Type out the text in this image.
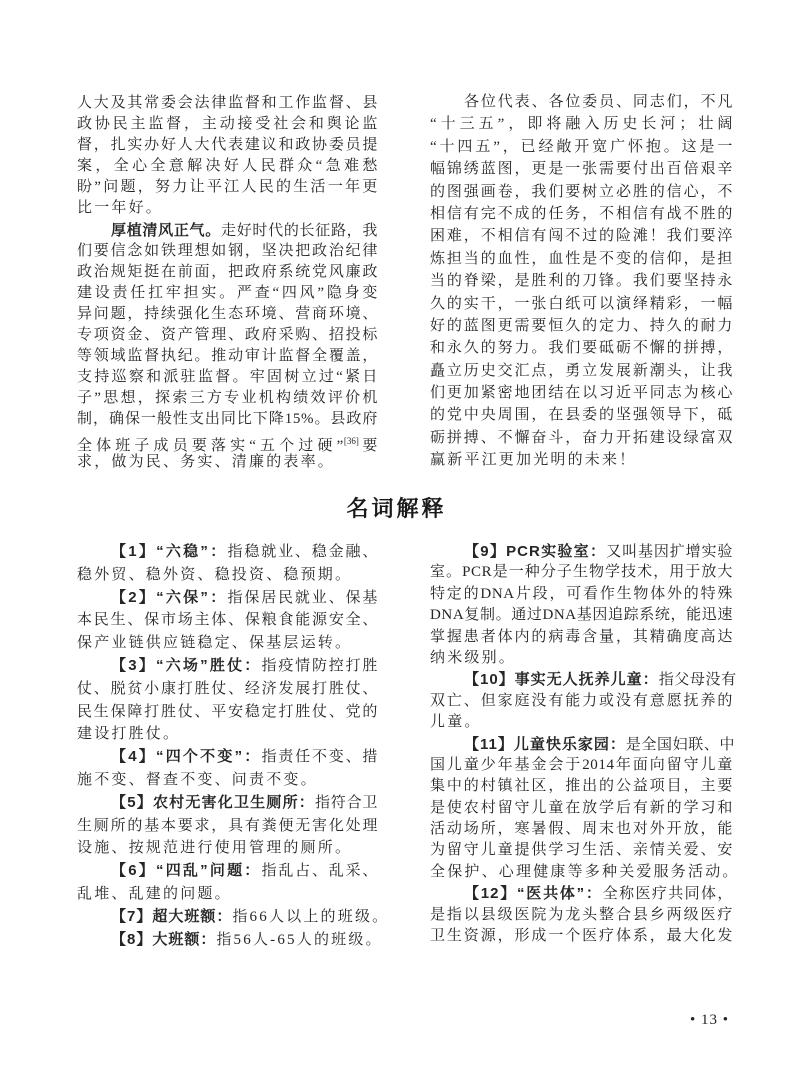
人大及其常委会法律监督和工作监督、县
政协民主监督，主动接受社会和舆论监
督，扎实办好人大代表建议和政协委员提
案，全心全意解决好人民群众“急难愁
盼”问题，努力让平江人民的生活一年更
比一年好。
厚植清风正气。走好时代的长征路，我
们要信念如铁理想如钢，坚决把政治纪律
政治规矩挺在前面，把政府系统党风廉政
建设责任扛牢担实。严查“四风”隐身变
异问题，持续强化生态环境、营商环境、
专项资金、资产管理、政府采购、招投标
等领域监督执纪。推动审计监督全覆盖，
支持巡察和派驻监督。牢固树立过“紧日
子”思想，探索三方专业机构绩效评价机
制，确保一般性支出同比下降15%。县政府
全体班子成员要落实“五个过硬”[36]要
求，做为民、务实、清廉的表率。
各位代表、各位委员、同志们，不凡
“十三五”，即将融入历史长河；壮阔
“十四五”，已经敞开宽广怀抱。这是一
幅锦绣蓝图，更是一张需要付出百倍艰辛
的图强画卷，我们要树立必胜的信心，不
相信有完不成的任务，不相信有战不胜的
困难，不相信有闯不过的险滩！我们要淬
炼担当的血性，血性是不变的信仰，是担
当的脊梁，是胜利的刀锋。我们要坚持永
久的实干，一张白纸可以演绎精彩，一幅
好的蓝图更需要恒久的定力、持久的耐力
和永久的努力。我们要砥砺不懈的拼搏，
矗立历史交汇点，勇立发展新潮头，让我
们更加紧密地团结在以习近平同志为核心
的党中央周围，在县委的坚强领导下，砥
砺拼搏、不懈奋斗，奋力开拓建设绿富双
赢新平江更加光明的未来！
名词解释
【1】“六稳”：指稳就业、稳金融、
稳外贸、稳外资、稳投资、稳预期。
【2】“六保”：指保居民就业、保基
本民生、保市场主体、保粮食能源安全、
保产业链供应链稳定、保基层运转。
【3】“六场”胜仗：指疫情防控打胜
仗、脱贫小康打胜仗、经济发展打胜仗、
民生保障打胜仗、平安稳定打胜仗、党的
建设打胜仗。
【4】“四个不变”：指责任不变、措
施不变、督查不变、问责不变。
【5】农村无害化卫生厕所：指符合卫
生厕所的基本要求，具有粪便无害化处理
设施、按规范进行使用管理的厕所。
【6】“四乱”问题：指乱占、乱采、
乱堆、乱建的问题。
【7】超大班额：指66人以上的班级。
【8】大班额：指56人-65人的班级。
【9】PCR实验室：又叫基因扩增实验
室。PCR是一种分子生物学技术，用于放大
特定的DNA片段，可看作生物体外的特殊
DNA复制。通过DNA基因追踪系统，能迅速
掌握患者体内的病毒含量，其精确度高达
纳米级别。
【10】事实无人抚养儿童：指父母没有
双亡、但家庭没有能力或没有意愿抚养的
儿童。
【11】儿童快乐家园：是全国妇联、中
国儿童少年基金会于2014年面向留守儿童
集中的村镇社区，推出的公益项目，主要
是使农村留守儿童在放学后有新的学习和
活动场所，寒暑假、周末也对外开放，能
为留守儿童提供学习生活、亲情关爱、安
全保护、心理健康等多种关爱服务活动。
【12】“医共体”：全称医疗共同体，
是指以县级医院为龙头整合县乡两级医疗
卫生资源，形成一个医疗体系，最大化发
• 13 •
